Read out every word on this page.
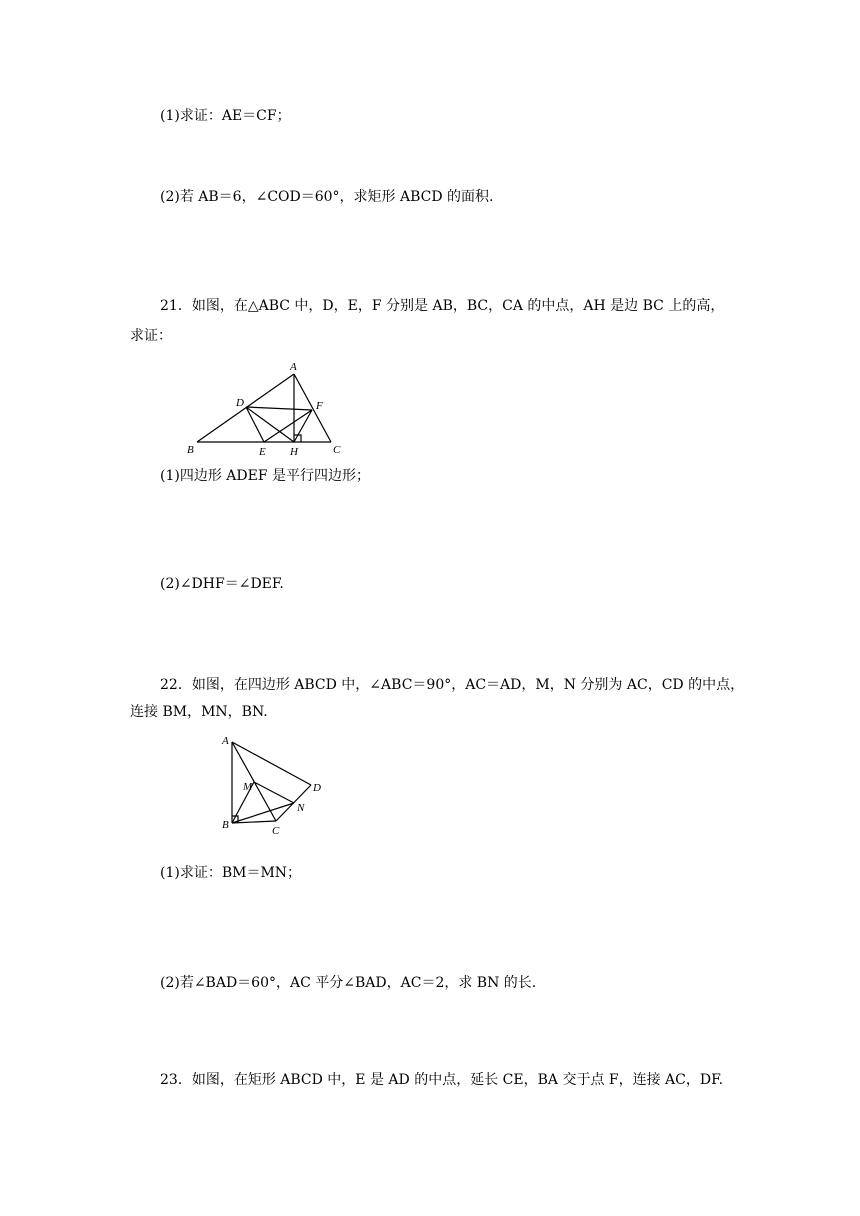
(1)求证：AE＝CF；
(2)若 AB＝6，∠COD＝60°，求矩形 ABCD 的面积.
21．如图，在△ABC 中，D，E，F 分别是 AB，BC，CA 的中点，AH 是边 BC 上的高，
求证：
A
B	C
D
E
F
H
(1)四边形 ADEF 是平行四边形；
(2)∠DHF＝∠DEF.
22．如图，在四边形 ABCD 中，∠ABC＝90°，AC＝AD，M，N 分别为 AC，CD 的中点，
连接 BM，MN，BN.
A
B	C
D
M
N
(1)求证：BM＝MN；
(2)若∠BAD＝60°，AC 平分∠BAD，AC＝2，求 BN 的长.
23．如图，在矩形 ABCD 中，E 是 AD 的中点，延长 CE，BA 交于点 F，连接 AC，DF.
